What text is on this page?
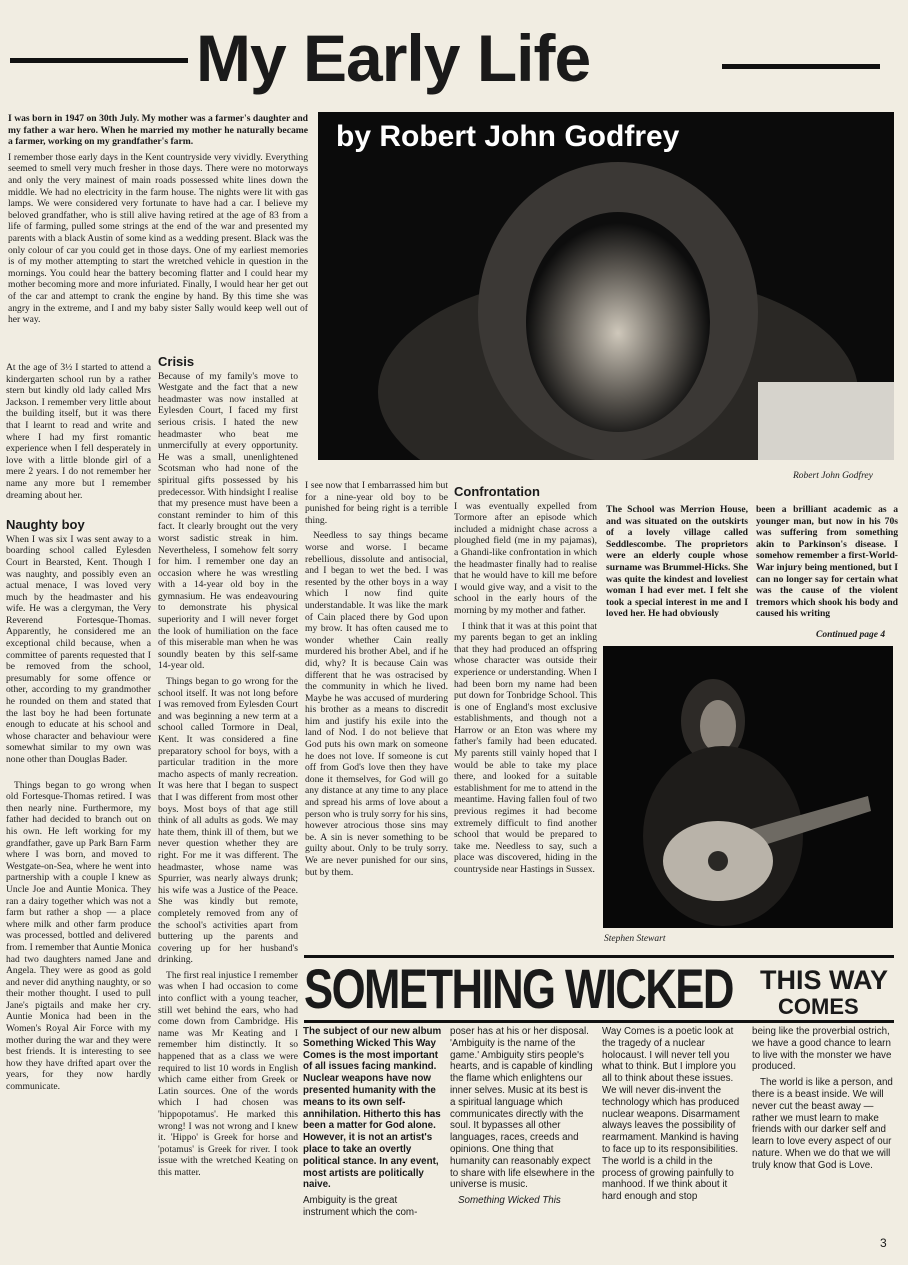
My Early Life
by Robert John Godfrey
Robert John Godfrey

I was born in 1947 on 30th July. My mother was a farmer's daughter and my father a war hero. When he married my mother he naturally became a farmer, working on my grandfather's farm.

I remember those early days in the Kent countryside very vividly. Everything seemed to smell very much fresher in those days. There were no motorways and only the very mainest of main roads possessed white lines down the middle. We had no electricity in the farm house. The nights were lit with gas lamps. We were considered very fortunate to have had a car. I believe my beloved grandfather, who is still alive having retired at the age of 83 from a life of farming, pulled some strings at the end of the war and presented my parents with a black Austin of some kind as a wedding present. Black was the only colour of car you could get in those days. One of my earliest memories is of my mother attempting to start the wretched vehicle in question in the mornings. You could hear the battery becoming flatter and I could hear my mother becoming more and more infuriated. Finally, I would hear her get out of the car and attempt to crank the engine by hand. By this time she was angry in the extreme, and I and my baby sister Sally would keep well out of her way.

At the age of 3½ I started to attend a kindergarten school run by a rather stern but kindly old lady called Mrs Jackson. I remember very little about the building itself, but it was there that I learnt to read and write and where I had my first romantic experience when I fell desperately in love with a little blonde girl of a mere 2 years. I do not remember her name any more but I remember dreaming about her.

Naughty boy

When I was six I was sent away to a boarding school called Eylesden Court in Bearsted, Kent. Though I was naughty, and possibly even an actual menace, I was loved very much by the headmaster and his wife. He was a clergyman, the Very Reverend Fortesque-Thomas. Apparently, he considered me an exceptional child because, when a committee of parents requested that I be removed from the school, presumably for some offence or other, according to my grandmother he rounded on them and stated that the last boy he had been fortunate enough to educate at his school and whose character and behaviour were somewhat similar to my own was none other than Douglas Bader.

Things began to go wrong when old Fortesque-Thomas retired. I was then nearly nine. Furthermore, my father had decided to branch out on his own. He left working for my grandfather, gave up Park Barn Farm where I was born, and moved to Westgate-on-Sea, where he went into partnership with a couple I knew as Uncle Joe and Auntie Monica. They ran a dairy together which was not a farm but rather a shop — a place where milk and other farm produce was processed, bottled and delivered from. I remember that Auntie Monica had two daughters named Jane and Angela. They were as good as gold and never did anything naughty, or so their mother thought. I used to pull Jane's pigtails and make her cry. Auntie Monica had been in the Women's Royal Air Force with my mother during the war and they were best friends. It is interesting to see how they have drifted apart over the years, for they now hardly communicate.

Crisis

Because of my family's move to Westgate and the fact that a new headmaster was now installed at Eylesden Court, I faced my first serious crisis. I hated the new headmaster who beat me unmercifully at every opportunity. He was a small, unenlightened Scotsman who had none of the spiritual gifts possessed by his predecessor. With hindsight I realise that my presence must have been a constant reminder to him of this fact. It clearly brought out the very worst sadistic streak in him. Nevertheless, I somehow felt sorry for him. I remember one day an occasion where he was wrestling with a 14-year old boy in the gymnasium. He was endeavouring to demonstrate his physical superiority and I will never forget the look of humiliation on the face of this miserable man when he was soundly beaten by this self-same 14-year old.

Things began to go wrong for the school itself. It was not long before I was removed from Eylesden Court and was beginning a new term at a school called Tormore in Deal, Kent. It was considered a fine preparatory school for boys, with a particular tradition in the more macho aspects of manly recreation. It was here that I began to suspect that I was different from most other boys. Most boys of that age still think of all adults as gods. We may hate them, think ill of them, but we never question whether they are right. For me it was different. The headmaster, whose name was Spurrier, was nearly always drunk; his wife was a Justice of the Peace. She was kindly but remote, completely removed from any of the school's activities apart from buttering up the parents and covering up for her husband's drinking.

The first real injustice I remember was when I had occasion to come into conflict with a young teacher, still wet behind the ears, who had come down from Cambridge. His name was Mr Keating and I remember him distinctly. It so happened that as a class we were required to list 10 words in English which came either from Greek or Latin sources. One of the words which I had chosen was 'hippopotamus'. He marked this wrong! I was not wrong and I knew it. 'Hippo' is Greek for horse and 'potamus' is Greek for river. I took issue with the wretched Keating on this matter.

I see now that I embarrassed him but for a nine-year old boy to be punished for being right is a terrible thing.

Needless to say things became worse and worse. I became rebellious, dissolute and antisocial, and I began to wet the bed. I was resented by the other boys in a way which I now find quite understandable. It was like the mark of Cain placed there by God upon my brow. It has often caused me to wonder whether Cain really murdered his brother Abel, and if he did, why? It is because Cain was different that he was ostracised by the community in which he lived. Maybe he was accused of murdering his brother as a means to discredit him and justify his exile into the land of Nod. I do not believe that God puts his own mark on someone he does not love. If someone is cut off from God's love then they have done it themselves, for God will go any distance at any time to any place and spread his arms of love about a person who is truly sorry for his sins, however atrocious those sins may be. A sin is never something to be guilty about. Only to be truly sorry. We are never punished for our sins, but by them.

Confrontation

I was eventually expelled from Tormore after an episode which included a midnight chase across a ploughed field (me in my pajamas), a Ghandi-like confrontation in which the headmaster finally had to realise that he would have to kill me before I would give way, and a visit to the school in the early hours of the morning by my mother and father.

I think that it was at this point that my parents began to get an inkling that they had produced an offspring whose character was outside their experience or understanding. When I had been born my name had been put down for Tonbridge School. This is one of England's most exclusive establishments, and though not a Harrow or an Eton was where my father's family had been educated. My parents still vainly hoped that I would be able to take my place there, and looked for a suitable establishment for me to attend in the meantime. Having fallen foul of two previous regimes it had become extremely difficult to find another school that would be prepared to take me. Needless to say, such a place was discovered, hiding in the countryside near Hastings in Sussex.

The School was Merrion House, and was situated on the outskirts of a lovely village called Seddlescombe. The proprietors were an elderly couple whose surname was Brummel-Hicks. She was quite the kindest and loveliest woman I had ever met. I felt she took a special interest in me and I loved her. He had obviously

been a brilliant academic as a younger man, but now in his 70s was suffering from something akin to Parkinson's disease. I somehow remember a first-World-War injury being mentioned, but I can no longer say for certain what was the cause of the violent tremors which shook his body and caused his writing

Continued page 4
Stephen Stewart
SOMETHING WICKED THIS WAY
COMES

The subject of our new album Something Wicked This Way Comes is the most important of all issues facing mankind. Nuclear weapons have now presented humanity with the means to its own self-annihilation. Hitherto this has been a matter for God alone. However, it is not an artist's place to take an overtly political stance. In any event, most artists are politically naive.

Ambiguity is the great instrument which the com-

poser has at his or her disposal. 'Ambiguity is the name of the game.' Ambiguity stirs people's hearts, and is capable of kindling the flame which enlightens our inner selves. Music at its best is a spiritual language which communicates directly with the soul. It bypasses all other languages, races, creeds and opinions. One thing that humanity can reasonably expect to share with life elsewhere in the universe is music.

Something Wicked This

Way Comes is a poetic look at the tragedy of a nuclear holocaust. I will never tell you what to think. But I implore you all to think about these issues. We will never dis-invent the technology which has produced nuclear weapons. Disarmament always leaves the possibility of rearmament. Mankind is having to face up to its responsibilities. The world is a child in the process of growing painfully to manhood. If we think about it hard enough and stop

being like the proverbial ostrich, we have a good chance to learn to live with the monster we have produced.

The world is like a person, and there is a beast inside. We will never cut the beast away — rather we must learn to make friends with our darker self and learn to love every aspect of our nature. When we do that we will truly know that God is Love.

3
